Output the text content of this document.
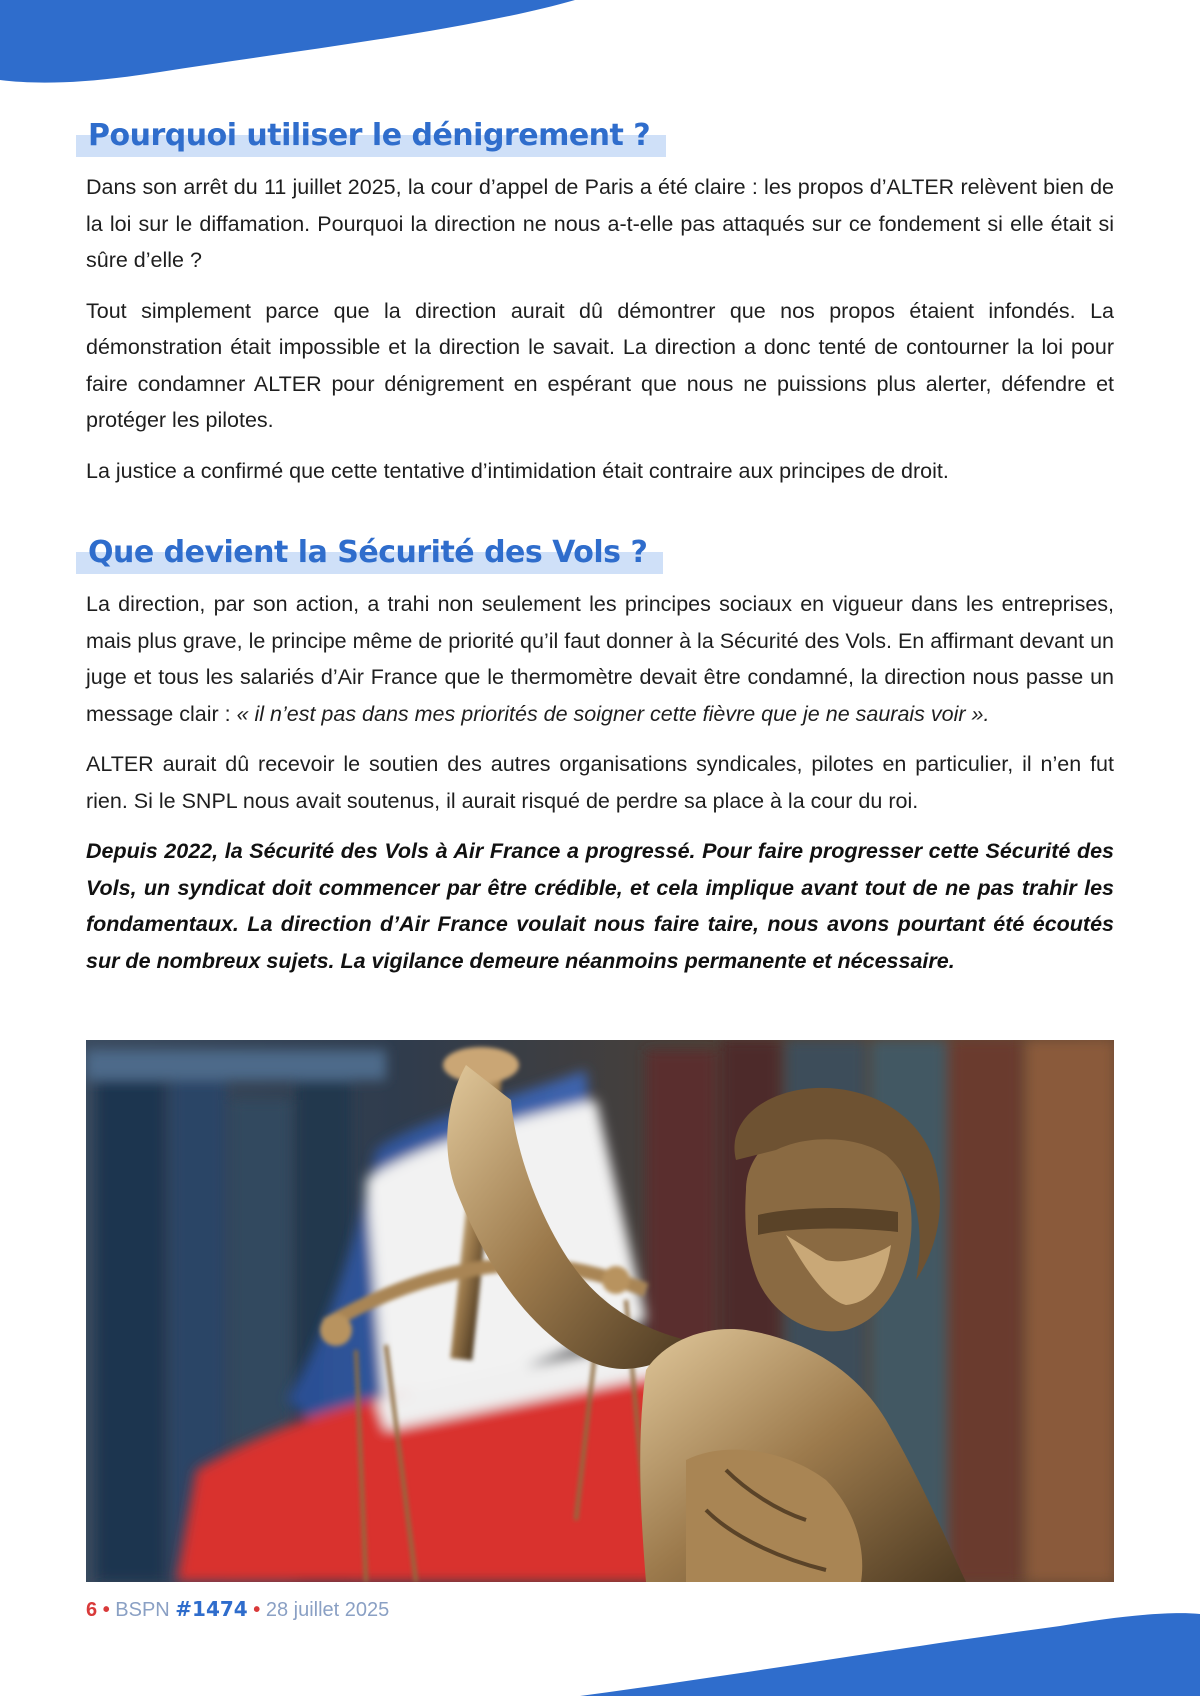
Pourquoi utiliser le dénigrement ?

Dans son arrêt du 11 juillet 2025, la cour d’appel de Paris a été claire : les propos d’ALTER relèvent bien de la loi sur le diffamation. Pourquoi la direction ne nous a-t-elle pas attaqués sur ce fondement si elle était si sûre d’elle ?

Tout simplement parce que la direction aurait dû démontrer que nos propos étaient infondés. La démonstration était impossible et la direction le savait. La direction a donc tenté de contourner la loi pour faire condamner ALTER pour dénigrement en espérant que nous ne puissions plus alerter, défendre et protéger les pilotes.

La justice a confirmé que cette tentative d’intimidation était contraire aux principes de droit.

Que devient la Sécurité des Vols ?

La direction, par son action, a trahi non seulement les principes sociaux en vigueur dans les entreprises, mais plus grave, le principe même de priorité qu’il faut donner à la Sécurité des Vols. En affirmant devant un juge et tous les salariés d’Air France que le thermomètre devait être condamné, la direction nous passe un message clair : « il n’est pas dans mes priorités de soigner cette fièvre que je ne saurais voir ».

ALTER aurait dû recevoir le soutien des autres organisations syndicales, pilotes en particulier, il n’en fut rien. Si le SNPL nous avait soutenus, il aurait risqué de perdre sa place à la cour du roi.

Depuis 2022, la Sécurité des Vols à Air France a progressé. Pour faire progresser cette Sécurité des Vols, un syndicat doit commencer par être crédible, et cela implique avant tout de ne pas trahir les fondamentaux. La direction d’Air France voulait nous faire taire, nous avons pourtant été écoutés sur de nombreux sujets. La vigilance demeure néanmoins permanente et nécessaire.

6 • BSPN #1474 • 28 juillet 2025
